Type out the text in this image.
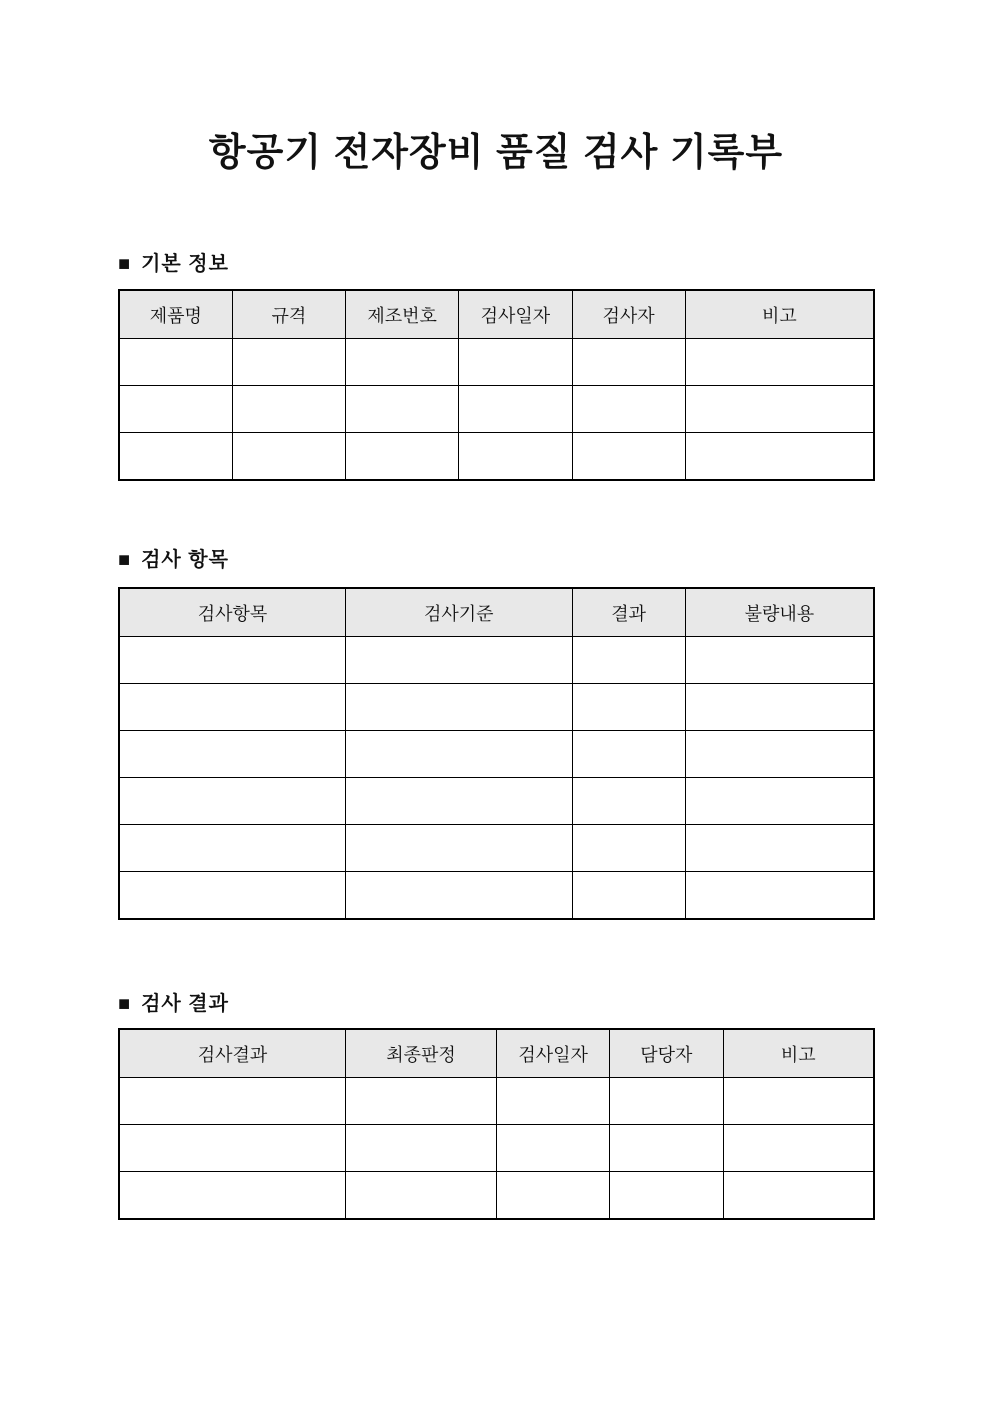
항공기 전자장비 품질 검사 기록부
■ 기본 정보
제품명	규격	제조번호	검사일자	검사자	비고

■ 검사 항목
검사항목	검사기준	결과	불량내용

■ 검사 결과
검사결과	최종판정	검사일자	담당자	비고
